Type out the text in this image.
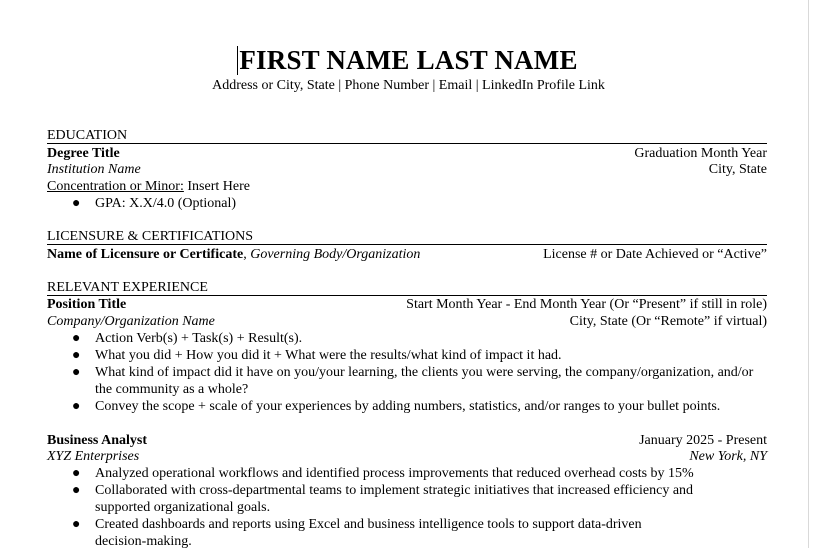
FIRST NAME LAST NAME
Address or City, State | Phone Number | Email | LinkedIn Profile Link
EDUCATION
Degree Title	Graduation Month Year
Institution Name	City, State
Concentration or Minor: Insert Here
● GPA: X.X/4.0 (Optional)
LICENSURE & CERTIFICATIONS
Name of Licensure or Certificate, Governing Body/Organization	License # or Date Achieved or “Active”
RELEVANT EXPERIENCE
Position Title	Start Month Year - End Month Year (Or “Present” if still in role)
Company/Organization Name	City, State (Or “Remote” if virtual)
● Action Verb(s) + Task(s) + Result(s).
● What you did + How you did it + What were the results/what kind of impact it had.
● What kind of impact did it have on you/your learning, the clients you were serving, the company/organization, and/or the community as a whole?
● Convey the scope + scale of your experiences by adding numbers, statistics, and/or ranges to your bullet points.
Business Analyst	January 2025 - Present
XYZ Enterprises	New York, NY
● Analyzed operational workflows and identified process improvements that reduced overhead costs by 15%
● Collaborated with cross-departmental teams to implement strategic initiatives that increased efficiency and supported organizational goals.
● Created dashboards and reports using Excel and business intelligence tools to support data-driven decision-making.
